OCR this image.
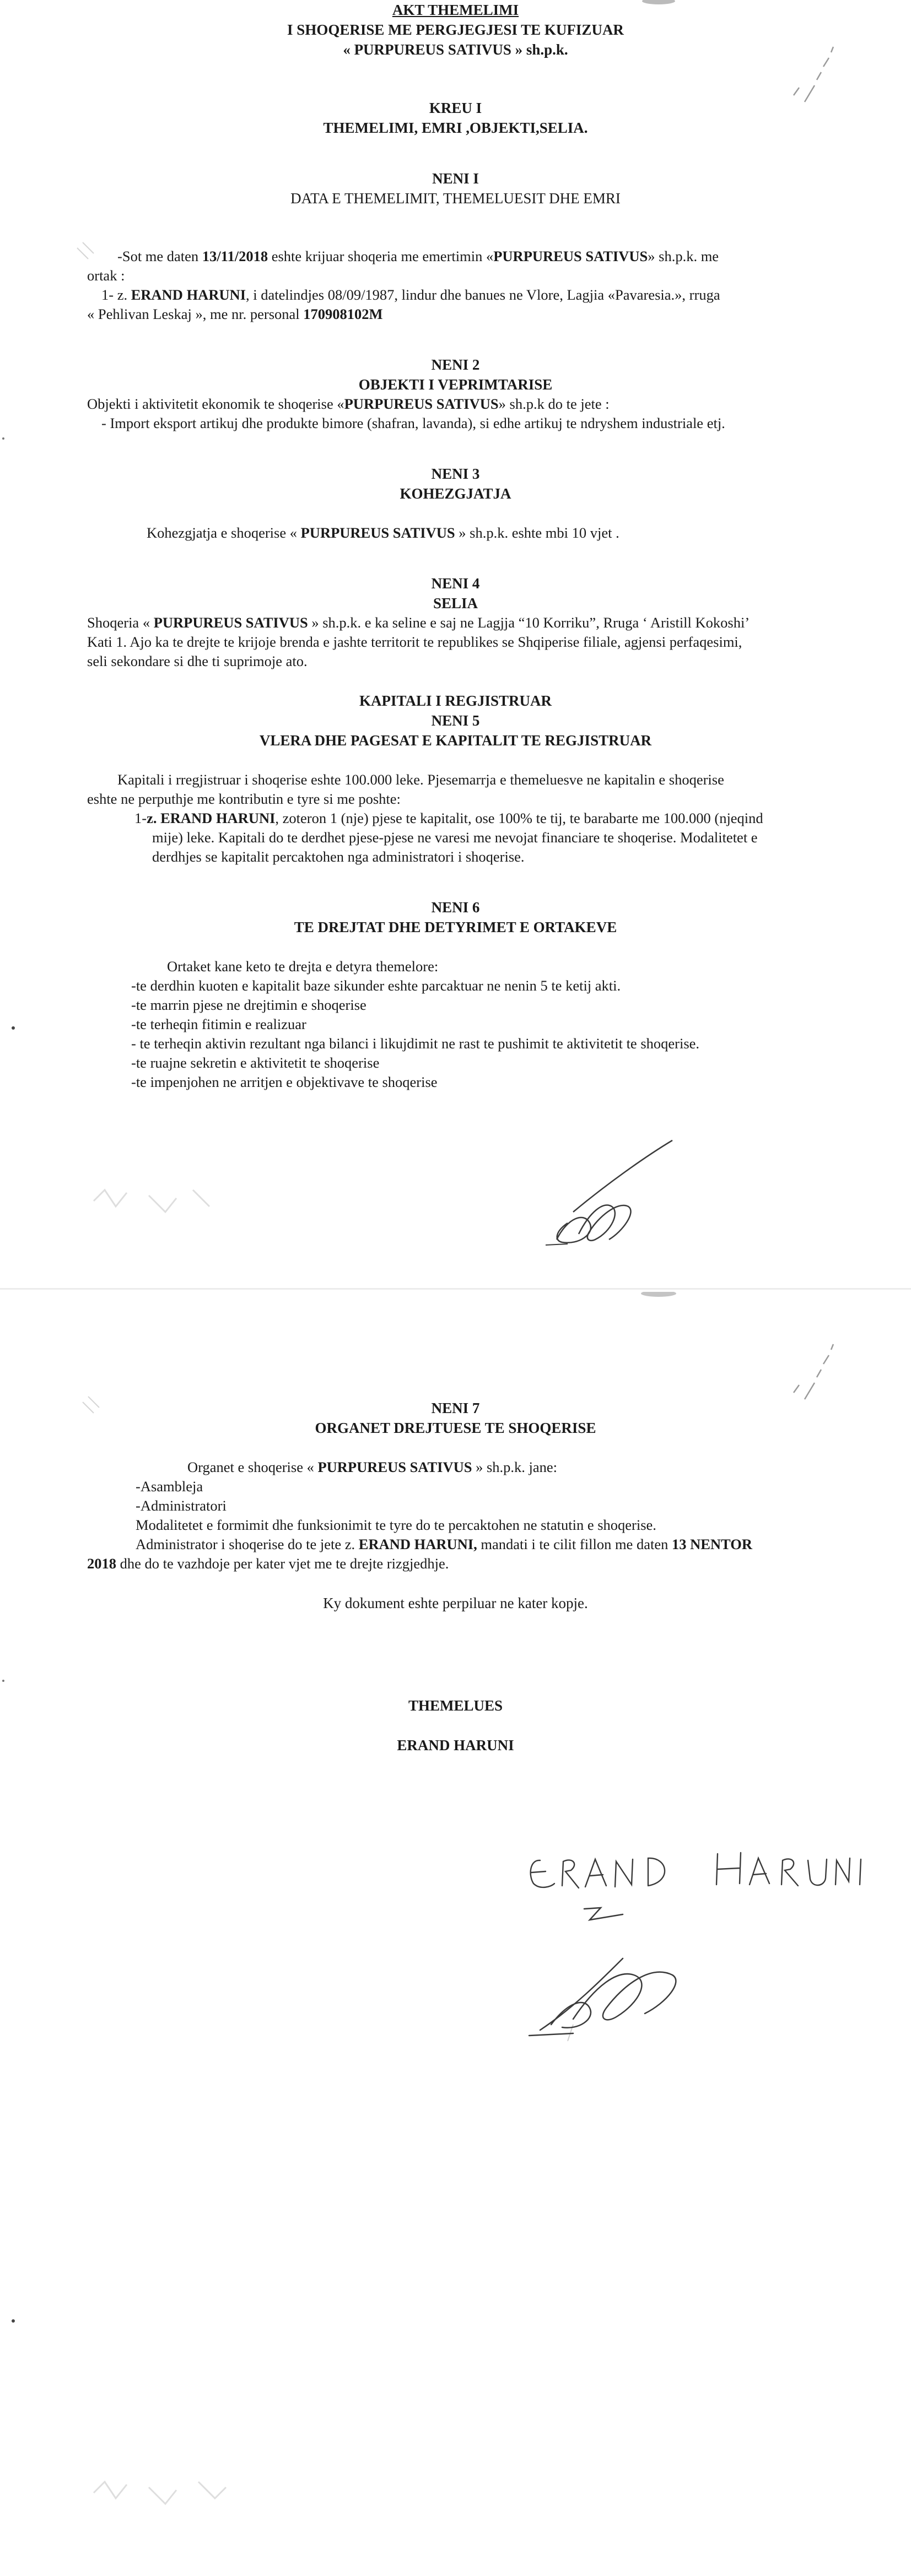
AKT THEMELIMI

I SHOQERISE ME PERGJEGJESI TE KUFIZUAR

« PURPUREUS SATIVUS » sh.p.k.

KREU I

THEMELIMI, EMRI ,OBJEKTI,SELIA.

NENI I

DATA E THEMELIMIT, THEMELUESIT DHE EMRI

-Sot me daten 13/11/2018 eshte krijuar shoqeria me emertimin «PURPUREUS SATIVUS» sh.p.k. me

ortak :

1- z. ERAND HARUNI, i datelindjes 08/09/1987, lindur dhe banues ne Vlore, Lagjia «Pavaresia.», rruga

« Pehlivan Leskaj », me nr. personal 170908102M

NENI 2

OBJEKTI I VEPRIMTARISE

Objekti i aktivitetit ekonomik te shoqerise «PURPUREUS SATIVUS» sh.p.k do te jete :

- Import eksport artikuj dhe produkte bimore (shafran, lavanda), si edhe artikuj te ndryshem industriale etj.

NENI 3

KOHEZGJATJA

Kohezgjatja e shoqerise « PURPUREUS SATIVUS » sh.p.k. eshte mbi 10 vjet .

NENI 4

SELIA

Shoqeria « PURPUREUS SATIVUS » sh.p.k. e ka seline e saj ne Lagjja “10 Korriku”, Rruga ‘ Aristill Kokoshi’

Kati 1. Ajo ka te drejte te krijoje brenda e jashte territorit te republikes se Shqiperise filiale, agjensi perfaqesimi,

seli sekondare si dhe ti suprimoje ato.

KAPITALI I REGJISTRUAR

NENI 5

VLERA DHE PAGESAT E KAPITALIT TE REGJISTRUAR

Kapitali i rregjistruar i shoqerise eshte 100.000 leke. Pjesemarrja e themeluesve ne kapitalin e shoqerise

eshte ne perputhje me kontributin e tyre si me poshte:

1-z. ERAND HARUNI, zoteron 1 (nje) pjese te kapitalit, ose 100% te tij, te barabarte me 100.000 (njeqind

mije) leke. Kapitali do te derdhet pjese-pjese ne varesi me nevojat financiare te shoqerise. Modalitetet e

derdhjes se kapitalit percaktohen nga administratori i shoqerise.

NENI 6

TE DREJTAT DHE DETYRIMET E ORTAKEVE

Ortaket kane keto te drejta e detyra themelore:

-te derdhin kuoten e kapitalit baze sikunder eshte parcaktuar ne nenin 5 te ketij akti.

-te marrin pjese ne drejtimin e shoqerise

-te terheqin fitimin e realizuar

- te terheqin aktivin rezultant nga bilanci i likujdimit ne rast te pushimit te aktivitetit te shoqerise.

-te ruajne sekretin e aktivitetit te shoqerise

-te impenjohen ne arritjen e objektivave te shoqerise

NENI 7

ORGANET DREJTUESE TE SHOQERISE

Organet e shoqerise « PURPUREUS SATIVUS » sh.p.k. jane:

-Asambleja

-Administratori

Modalitetet e formimit dhe funksionimit te tyre do te percaktohen ne statutin e shoqerise.

Administrator i shoqerise do te jete z. ERAND HARUNI, mandati i te cilit fillon me daten 13 NENTOR

2018 dhe do te vazhdoje per kater vjet me te drejte rizgjedhje.

Ky dokument eshte perpiluar ne kater kopje.

THEMELUES

ERAND HARUNI
